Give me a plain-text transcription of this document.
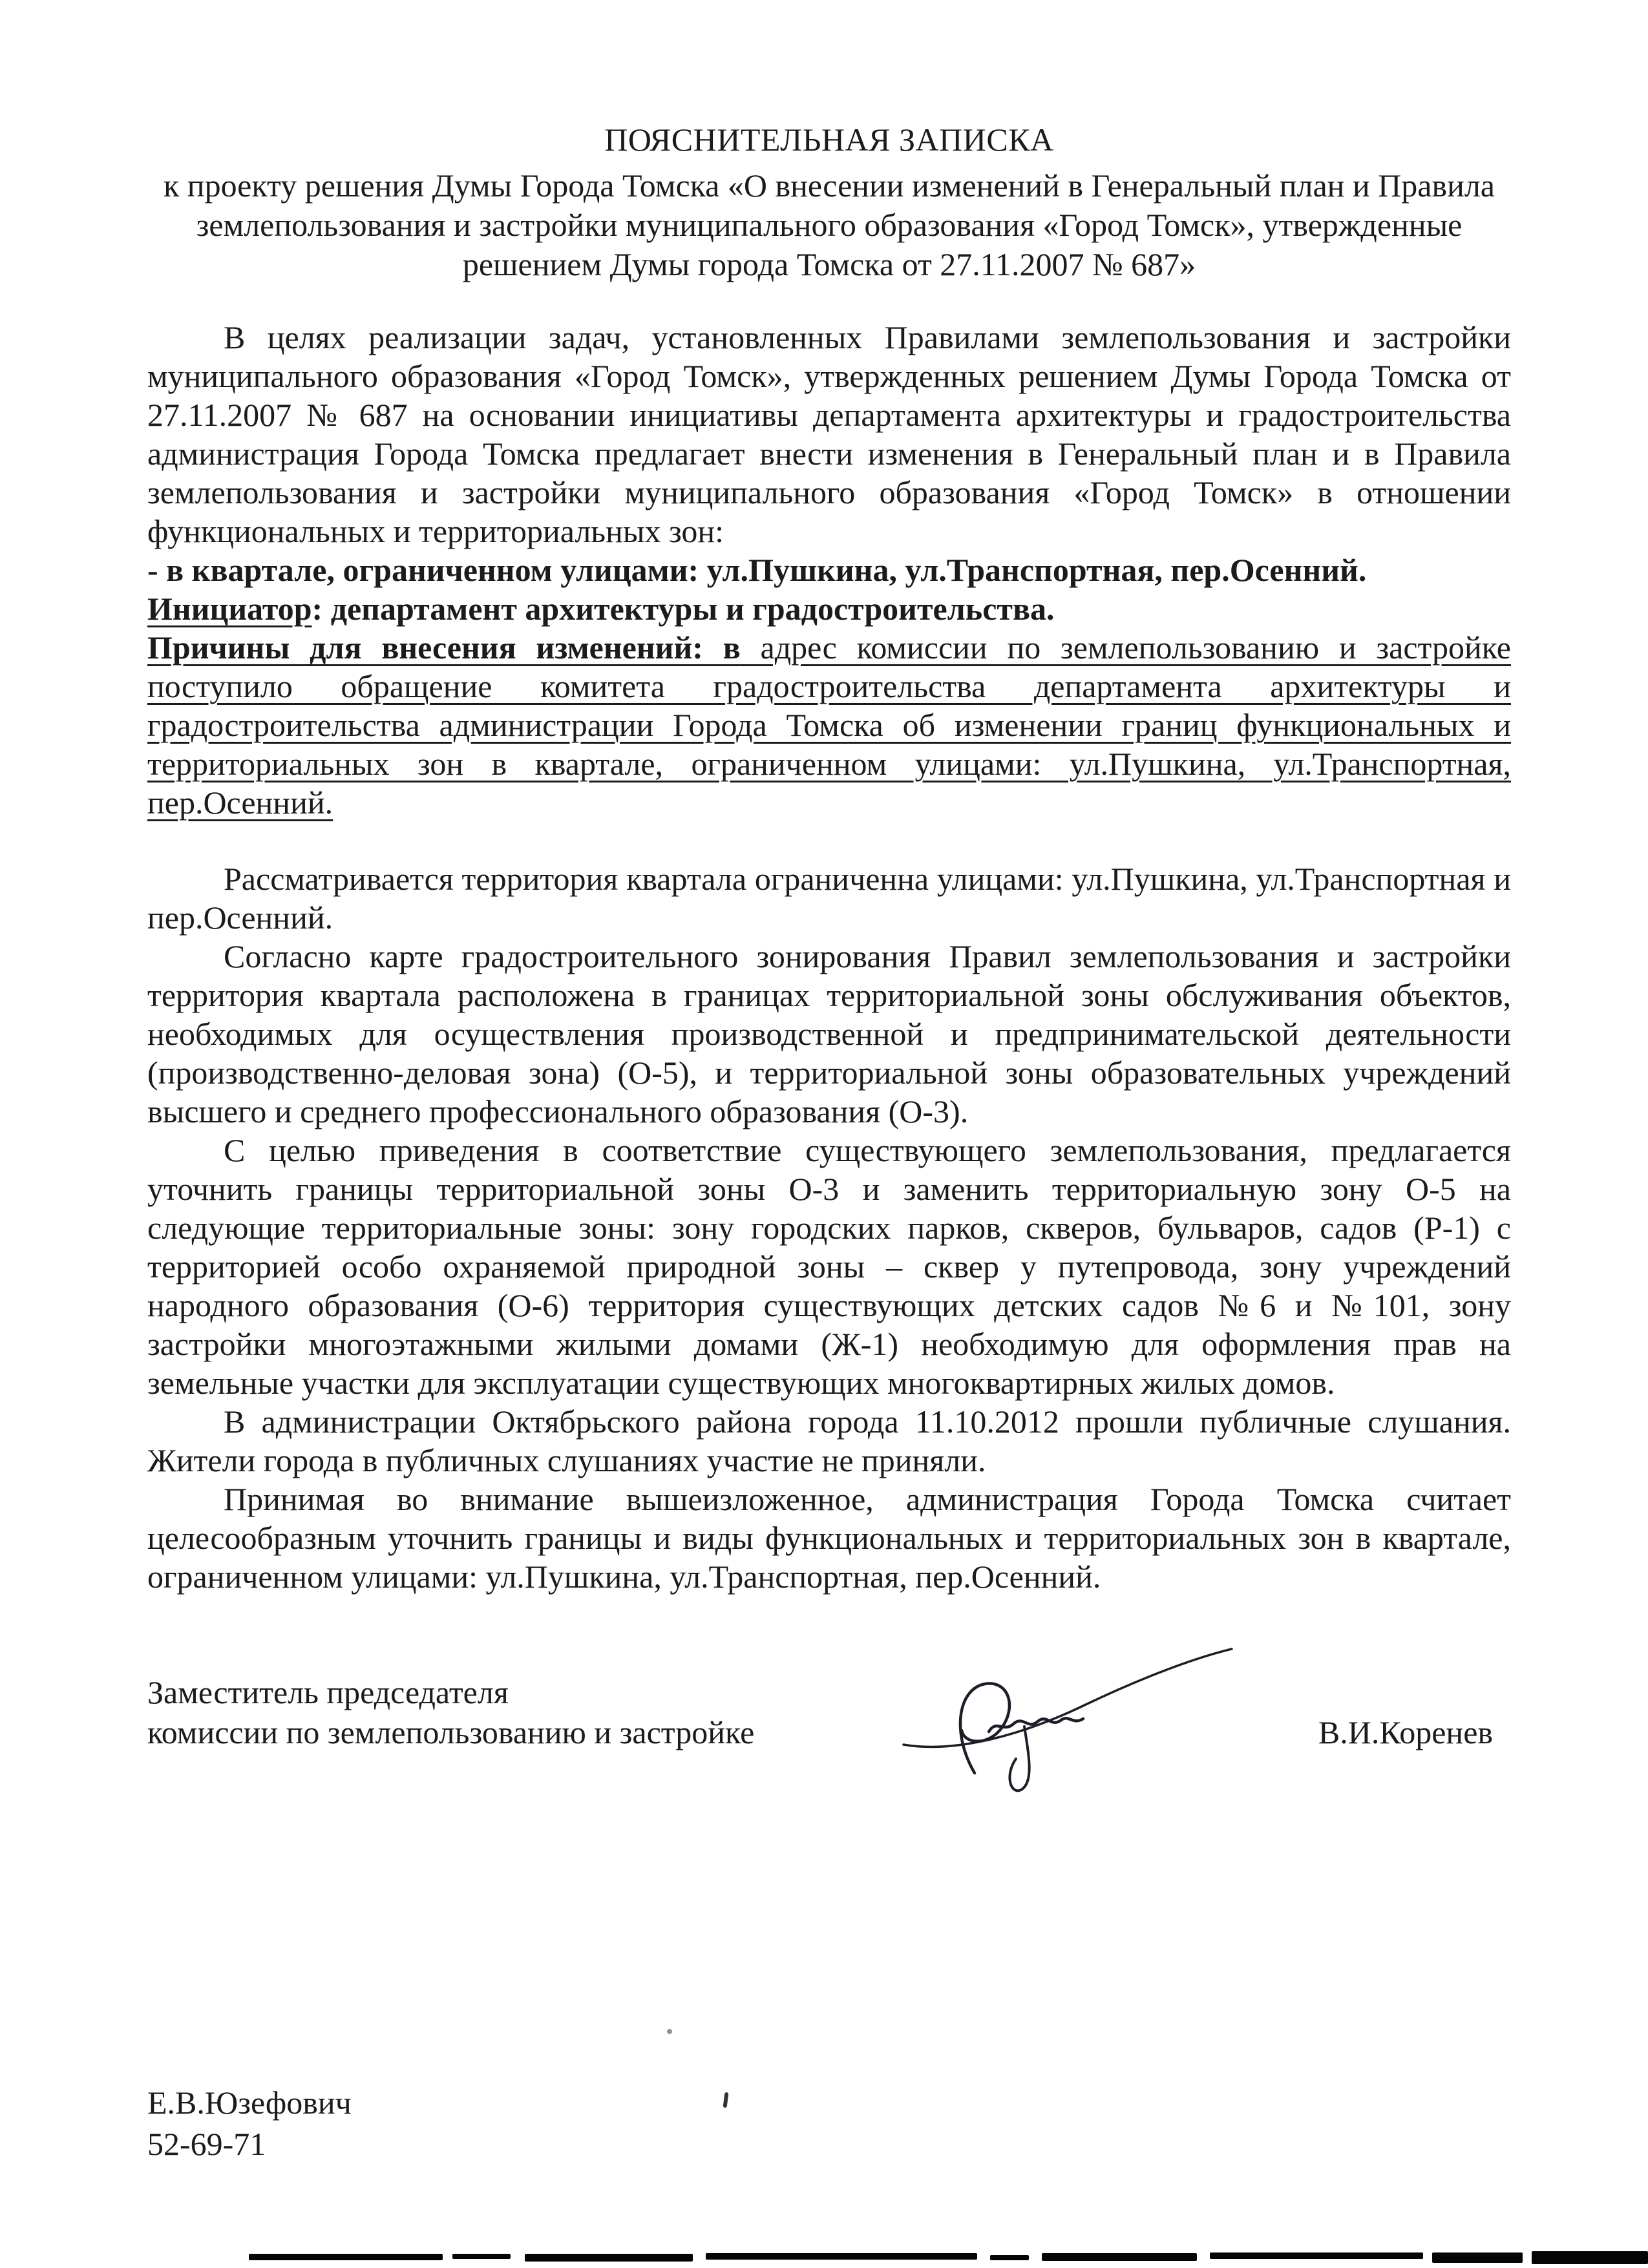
ПОЯСНИТЕЛЬНАЯ ЗАПИСКА

к проекту решения Думы Города Томска «О внесении изменений в Генеральный план и Правила землепользования и застройки муниципального образования «Город Томск», утвержденные решением Думы города Томска от 27.11.2007 № 687»

В целях реализации задач, установленных Правилами землепользования и застройки муниципального образования «Город Томск», утвержденных решением Думы Города Томска от 27.11.2007 № 687 на основании инициативы департамента архитектуры и градостроительства администрация Города Томска предлагает внести изменения в Генеральный план и в Правила землепользования и застройки муниципального образования «Город Томск» в отношении функциональных и территориальных зон:

- в квартале, ограниченном улицами: ул.Пушкина, ул.Транспортная, пер.Осенний.

Инициатор: департамент архитектуры и градостроительства.

Причины для внесения изменений: в адрес комиссии по землепользованию и застройке поступило обращение комитета градостроительства департамента архитектуры и градостроительства администрации Города Томска об изменении границ функциональных и территориальных зон в квартале, ограниченном улицами: ул.Пушкина, ул.Транспортная, пер.Осенний.

Рассматривается территория квартала ограниченна улицами: ул.Пушкина, ул.Транспортная и пер.Осенний.

Согласно карте градостроительного зонирования Правил землепользования и застройки территория квартала расположена в границах территориальной зоны обслуживания объектов, необходимых для осуществления производственной и предпринимательской деятельности (производственно-деловая зона) (О-5), и территориальной зоны образовательных учреждений высшего и среднего профессионального образования (О-3).

С целью приведения в соответствие существующего землепользования, предлагается уточнить границы территориальной зоны О-3 и заменить территориальную зону О-5 на следующие территориальные зоны: зону городских парков, скверов, бульваров, садов (Р-1) с территорией особо охраняемой природной зоны – сквер у путепровода, зону учреждений народного образования (О-6) территория существующих детских садов №6 и №101, зону застройки многоэтажными жилыми домами (Ж-1) необходимую для оформления прав на земельные участки для эксплуатации существующих многоквартирных жилых домов.

В администрации Октябрьского района города 11.10.2012 прошли публичные слушания. Жители города в публичных слушаниях участие не приняли.

Принимая во внимание вышеизложенное, администрация Города Томска считает целесообразным уточнить границы и виды функциональных и территориальных зон в квартале, ограниченном улицами: ул.Пушкина, ул.Транспортная, пер.Осенний.

Заместитель председателя
комиссии по землепользованию и застройке	В.И.Коренев
Е.В.Юзефович
52-69-71
